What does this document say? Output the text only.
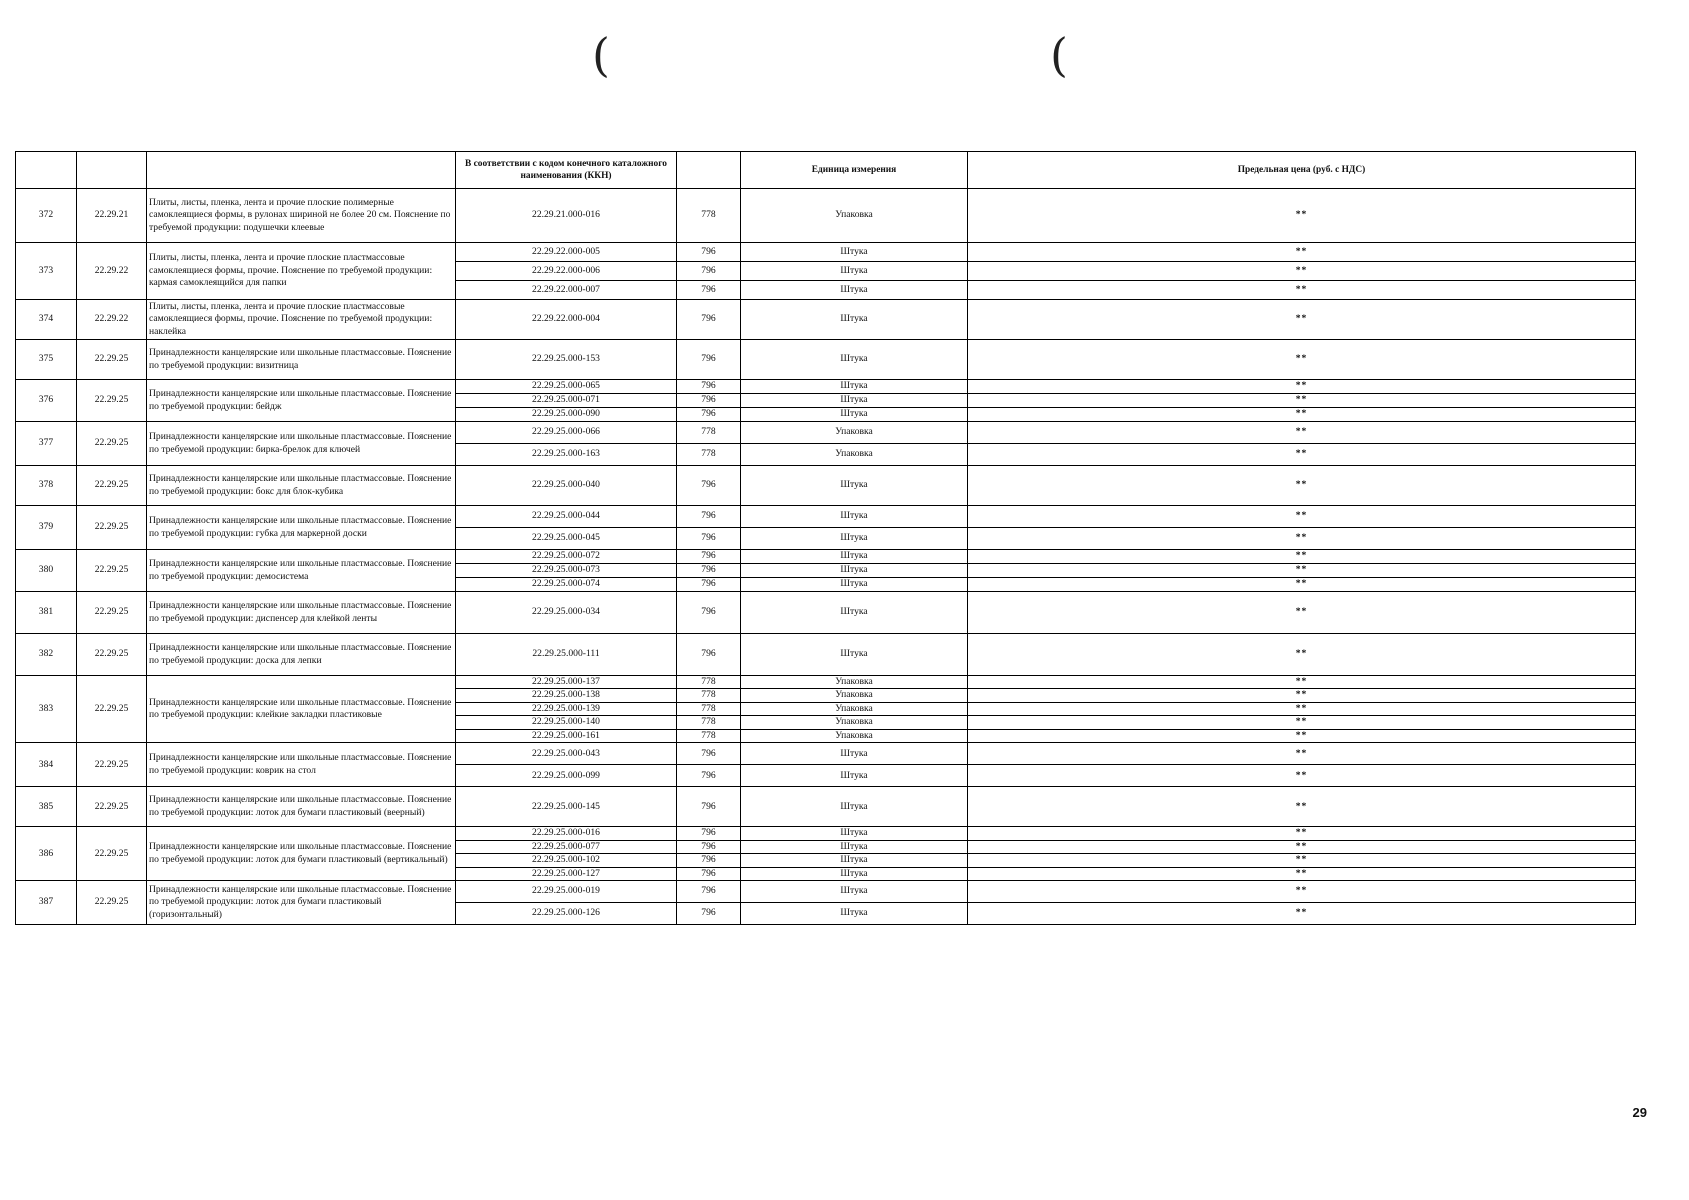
(	(
			В соответствии с кодом конечного каталожного наименования (ККН)		Единица измерения	Предельная цена (руб. с НДС)
372	22.29.21	Плиты, листы, пленка, лента и прочие плоские полимерные самоклеящиеся формы, в рулонах шириной не более 20 см. Пояснение по требуемой продукции: подушечки клеевые	22.29.21.000-016	778	Упаковка	**
373	22.29.22	Плиты, листы, пленка, лента и прочие плоские пластмассовые самоклеящиеся формы, прочие. Пояснение по требуемой продукции: кармая самоклеящийся для папки	22.29.22.000-005	796	Штука	**
			22.29.22.000-006	796	Штука	**
			22.29.22.000-007	796	Штука	**
374	22.29.22	Плиты, листы, пленка, лента и прочие плоские пластмассовые самоклеящиеся формы, прочие. Пояснение по требуемой продукции: наклейка	22.29.22.000-004	796	Штука	**
375	22.29.25	Принадлежности канцелярские или школьные пластмассовые. Пояснение по требуемой продукции: визитница	22.29.25.000-153	796	Штука	**
376	22.29.25	Принадлежности канцелярские или школьные пластмассовые. Пояснение по требуемой продукции: бейдж	22.29.25.000-065	796	Штука	**
			22.29.25.000-071	796	Штука	**
			22.29.25.000-090	796	Штука	**
377	22.29.25	Принадлежности канцелярские или школьные пластмассовые. Пояснение по требуемой продукции: бирка-брелок для ключей	22.29.25.000-066	778	Упаковка	**
			22.29.25.000-163	778	Упаковка	**
378	22.29.25	Принадлежности канцелярские или школьные пластмассовые. Пояснение по требуемой продукции: бокс для блок-кубика	22.29.25.000-040	796	Штука	**
379	22.29.25	Принадлежности канцелярские или школьные пластмассовые. Пояснение по требуемой продукции: губка для маркерной доски	22.29.25.000-044	796	Штука	**
			22.29.25.000-045	796	Штука	**
380	22.29.25	Принадлежности канцелярские или школьные пластмассовые. Пояснение по требуемой продукции: демосистема	22.29.25.000-072	796	Штука	**
			22.29.25.000-073	796	Штука	**
			22.29.25.000-074	796	Штука	**
381	22.29.25	Принадлежности канцелярские или школьные пластмассовые. Пояснение по требуемой продукции: диспенсер для клейкой ленты	22.29.25.000-034	796	Штука	**
382	22.29.25	Принадлежности канцелярские или школьные пластмассовые. Пояснение по требуемой продукции: доска для лепки	22.29.25.000-111	796	Штука	**
383	22.29.25	Принадлежности канцелярские или школьные пластмассовые. Пояснение по требуемой продукции: клейкие закладки пластиковые	22.29.25.000-137	778	Упаковка	**
			22.29.25.000-138	778	Упаковка	**
			22.29.25.000-139	778	Упаковка	**
			22.29.25.000-140	778	Упаковка	**
			22.29.25.000-161	778	Упаковка	**
384	22.29.25	Принадлежности канцелярские или школьные пластмассовые. Пояснение по требуемой продукции: коврик на стол	22.29.25.000-043	796	Штука	**
			22.29.25.000-099	796	Штука	**
385	22.29.25	Принадлежности канцелярские или школьные пластмассовые. Пояснение по требуемой продукции: лоток для бумаги пластиковый (веерный)	22.29.25.000-145	796	Штука	**
386	22.29.25	Принадлежности канцелярские или школьные пластмассовые. Пояснение по требуемой продукции: лоток для бумаги пластиковый (вертикальный)	22.29.25.000-016	796	Штука	**
			22.29.25.000-077	796	Штука	**
			22.29.25.000-102	796	Штука	**
			22.29.25.000-127	796	Штука	**
387	22.29.25	Принадлежности канцелярские или школьные пластмассовые. Пояснение по требуемой продукции: лоток для бумаги пластиковый (горизонтальный)	22.29.25.000-019	796	Штука	**
			22.29.25.000-126	796	Штука	**
29
